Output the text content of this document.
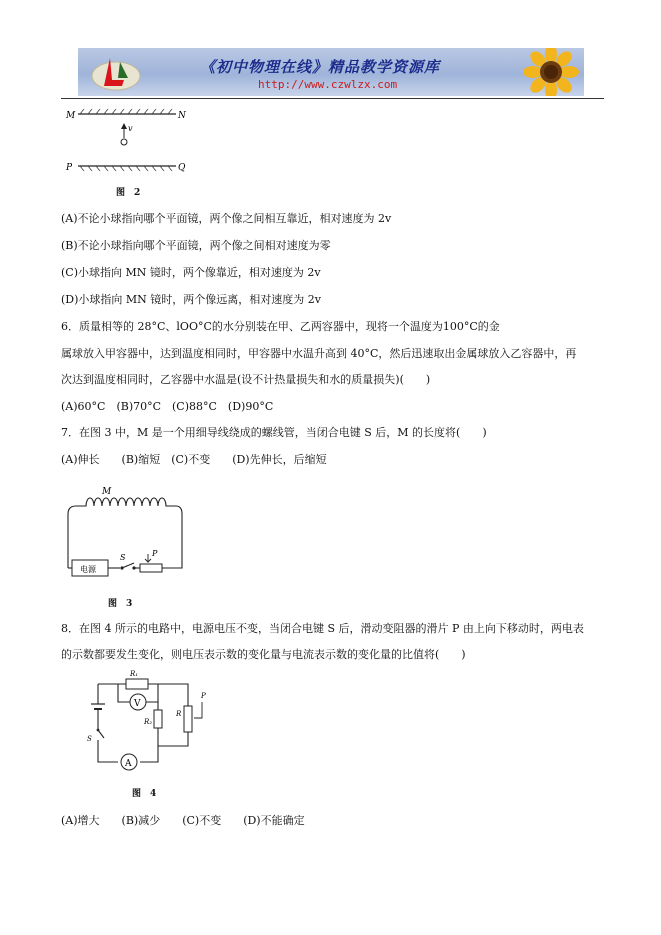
《初中物理在线》精品教学资源库
http://www.czwlzx.com
M	N
v
P	Q
图　2
(A)不论小球指向哪个平面镜，两个像之间相互靠近，相对速度为 2v
(B)不论小球指向哪个平面镜，两个像之间相对速度为零
(C)小球指向 MN 镜时，两个像靠近，相对速度为 2v
(D)小球指向 MN 镜时，两个像远离，相对速度为 2v
6．质量相等的 28°C、lOO°C的水分别装在甲、乙两容器中，现将一个温度为100°C的金
属球放入甲容器中，达到温度相同时，甲容器中水温升高到 40°C，然后迅速取出金属球放入乙容器中，再
次达到温度相同时，乙容器中水温是(设不计热量损失和水的质量损失)(　　)
(A)60°C　(B)70°C　(C)88°C　(D)90°C
7．在图 3 中，M 是一个用细导线绕成的螺线管，当闭合电键 S 后，M 的长度将(　　)
(A)伸长　　(B)缩短　(C)不变　　(D)先伸长，后缩短
M
电源
S	P
图　3
8．在图 4 所示的电路中，电源电压不变，当闭合电键 S 后，滑动变阻器的滑片 P 由上向下移动时，两电表
的示数都要发生变化，则电压表示数的变化量与电流表示数的变化量的比值将(　　)
R₁
V
R₂
R
P
A
S
图　4
(A)增大　　(B)减少　　(C)不变　　(D)不能确定
